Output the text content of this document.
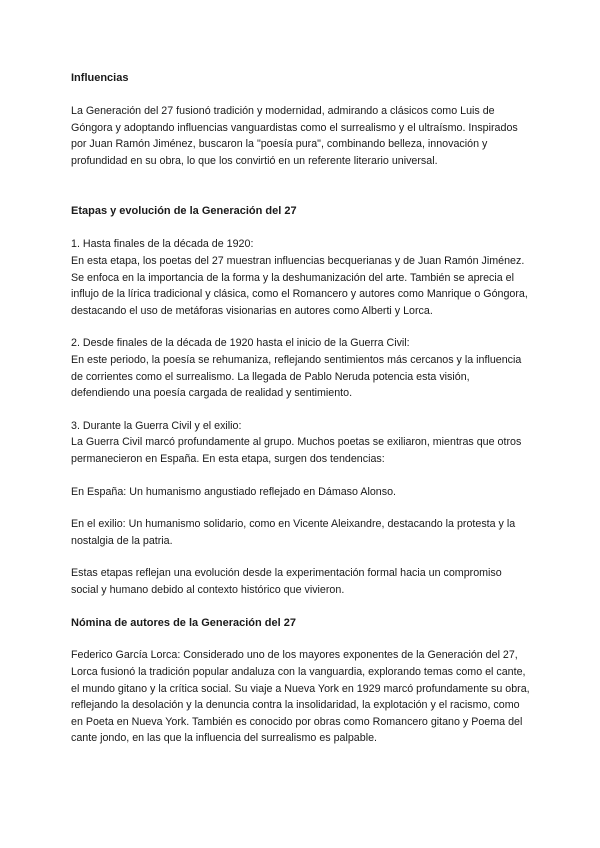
Influencias

La Generación del 27 fusionó tradición y modernidad, admirando a clásicos como Luis de Góngora y adoptando influencias vanguardistas como el surrealismo y el ultraísmo. Inspirados por Juan Ramón Jiménez, buscaron la "poesía pura", combinando belleza, innovación y profundidad en su obra, lo que los convirtió en un referente literario universal.

Etapas y evolución de la Generación del 27

1. Hasta finales de la década de 1920:
En esta etapa, los poetas del 27 muestran influencias becquerianas y de Juan Ramón Jiménez. Se enfoca en la importancia de la forma y la deshumanización del arte. También se aprecia el influjo de la lírica tradicional y clásica, como el Romancero y autores como Manrique o Góngora, destacando el uso de metáforas visionarias en autores como Alberti y Lorca.

2. Desde finales de la década de 1920 hasta el inicio de la Guerra Civil:
En este periodo, la poesía se rehumaniza, reflejando sentimientos más cercanos y la influencia de corrientes como el surrealismo. La llegada de Pablo Neruda potencia esta visión, defendiendo una poesía cargada de realidad y sentimiento.

3. Durante la Guerra Civil y el exilio:
La Guerra Civil marcó profundamente al grupo. Muchos poetas se exiliaron, mientras que otros permanecieron en España. En esta etapa, surgen dos tendencias:

En España: Un humanismo angustiado reflejado en Dámaso Alonso.

En el exilio: Un humanismo solidario, como en Vicente Aleixandre, destacando la protesta y la nostalgia de la patria.

Estas etapas reflejan una evolución desde la experimentación formal hacia un compromiso social y humano debido al contexto histórico que vivieron.

Nómina de autores de la Generación del 27

Federico García Lorca: Considerado uno de los mayores exponentes de la Generación del 27, Lorca fusionó la tradición popular andaluza con la vanguardia, explorando temas como el cante, el mundo gitano y la crítica social. Su viaje a Nueva York en 1929 marcó profundamente su obra, reflejando la desolación y la denuncia contra la insolidaridad, la explotación y el racismo, como en Poeta en Nueva York. También es conocido por obras como Romancero gitano y Poema del cante jondo, en las que la influencia del surrealismo es palpable.
